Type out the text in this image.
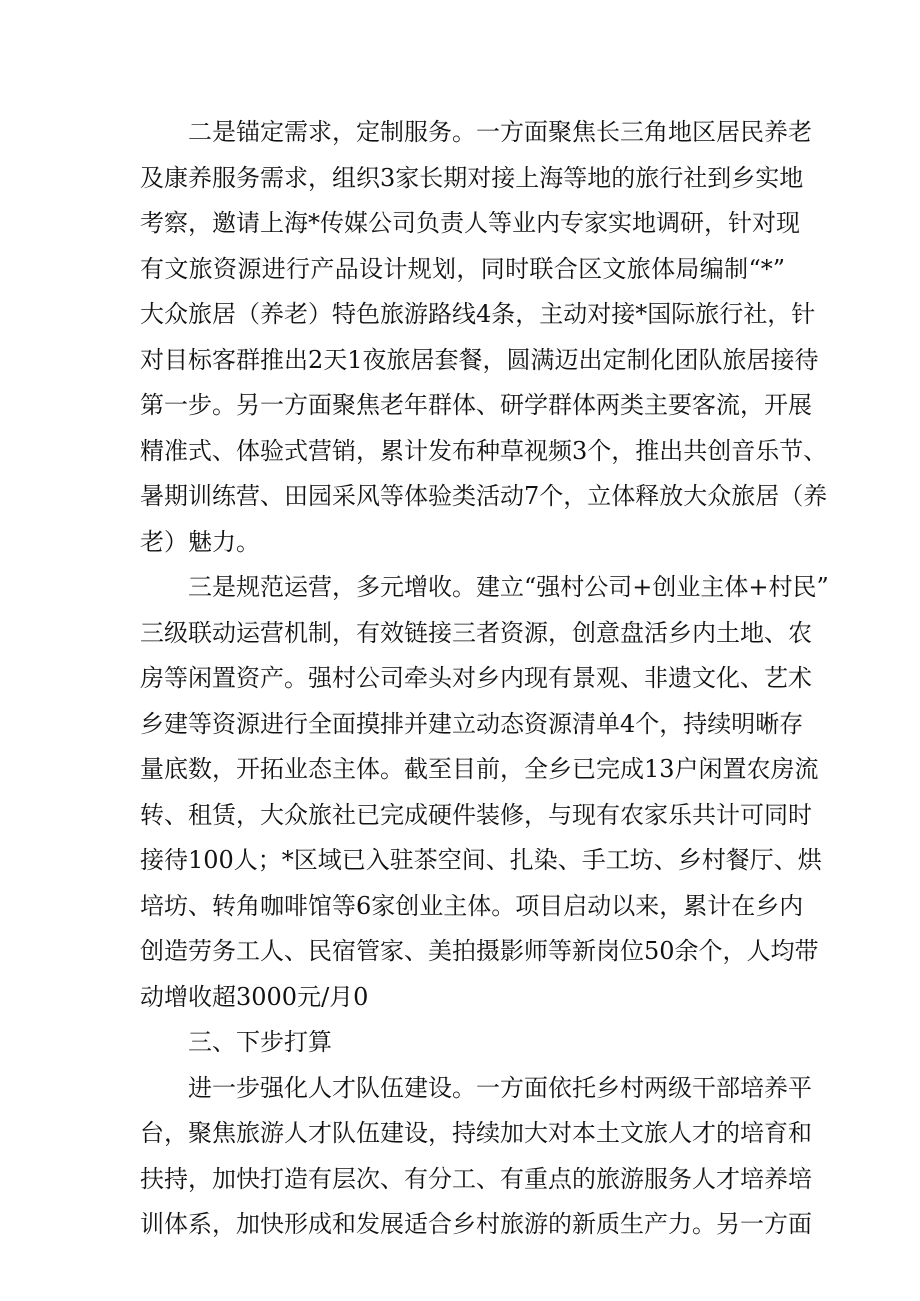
二是锚定需求，定制服务。一方面聚焦长三角地区居民养老
及康养服务需求，组织3家长期对接上海等地的旅行社到乡实地
考察，邀请上海*传媒公司负责人等业内专家实地调研，针对现
有文旅资源进行产品设计规划，同时联合区文旅体局编制“*”
大众旅居（养老）特色旅游路线4条，主动对接*国际旅行社，针
对目标客群推出2天1夜旅居套餐，圆满迈出定制化团队旅居接待
第一步。另一方面聚焦老年群体、研学群体两类主要客流，开展
精准式、体验式营销，累计发布种草视频3个，推出共创音乐节、
暑期训练营、田园采风等体验类活动7个，立体释放大众旅居（养
老）魅力。
三是规范运营，多元增收。建立“强村公司+创业主体+村民”
三级联动运营机制，有效链接三者资源，创意盘活乡内土地、农
房等闲置资产。强村公司牵头对乡内现有景观、非遗文化、艺术
乡建等资源进行全面摸排并建立动态资源清单4个，持续明晰存
量底数，开拓业态主体。截至目前，全乡已完成13户闲置农房流
转、租赁，大众旅社已完成硬件装修，与现有农家乐共计可同时
接待100人；*区域已入驻茶空间、扎染、手工坊、乡村餐厅、烘
培坊、转角咖啡馆等6家创业主体。项目启动以来，累计在乡内
创造劳务工人、民宿管家、美拍摄影师等新岗位50余个，人均带
动增收超3000元/月0
三、下步打算
进一步强化人才队伍建设。一方面依托乡村两级干部培养平
台，聚焦旅游人才队伍建设，持续加大对本土文旅人才的培育和
扶持，加快打造有层次、有分工、有重点的旅游服务人才培养培
训体系，加快形成和发展适合乡村旅游的新质生产力。另一方面
